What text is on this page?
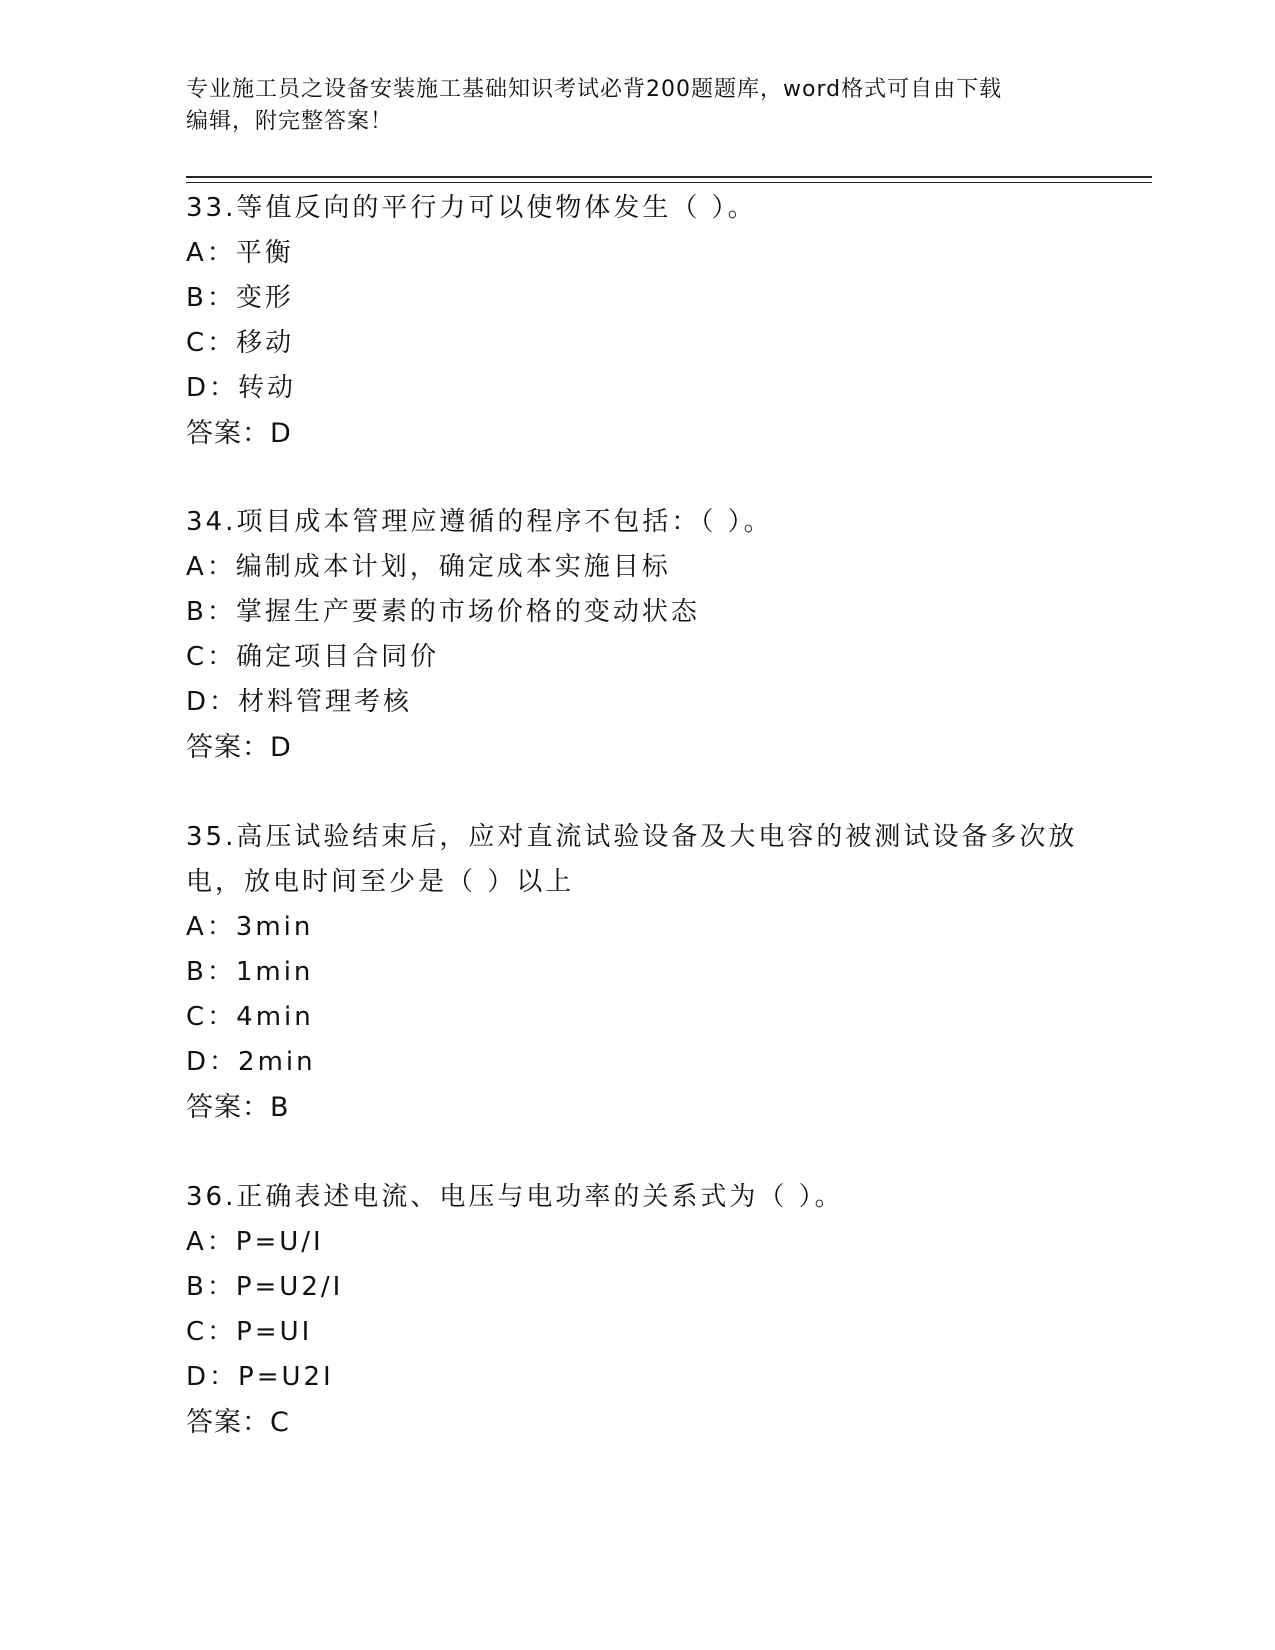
专业施工员之设备安装施工基础知识考试必背200题题库，word格式可自由下载
编辑，附完整答案！
33.等值反向的平行力可以使物体发生（ ）。
A：平衡
B：变形
C：移动
D：转动
答案：D
34.项目成本管理应遵循的程序不包括：（ ）。
A：编制成本计划，确定成本实施目标
B：掌握生产要素的市场价格的变动状态
C：确定项目合同价
D：材料管理考核
答案：D
35.高压试验结束后，应对直流试验设备及大电容的被测试设备多次放
电，放电时间至少是（ ）以上
A：3min
B：1min
C：4min
D：2min
答案：B
36.正确表述电流、电压与电功率的关系式为（ ）。
A：P=U/I
B：P=U2/I
C：P=UI
D：P=U2I
答案：C
